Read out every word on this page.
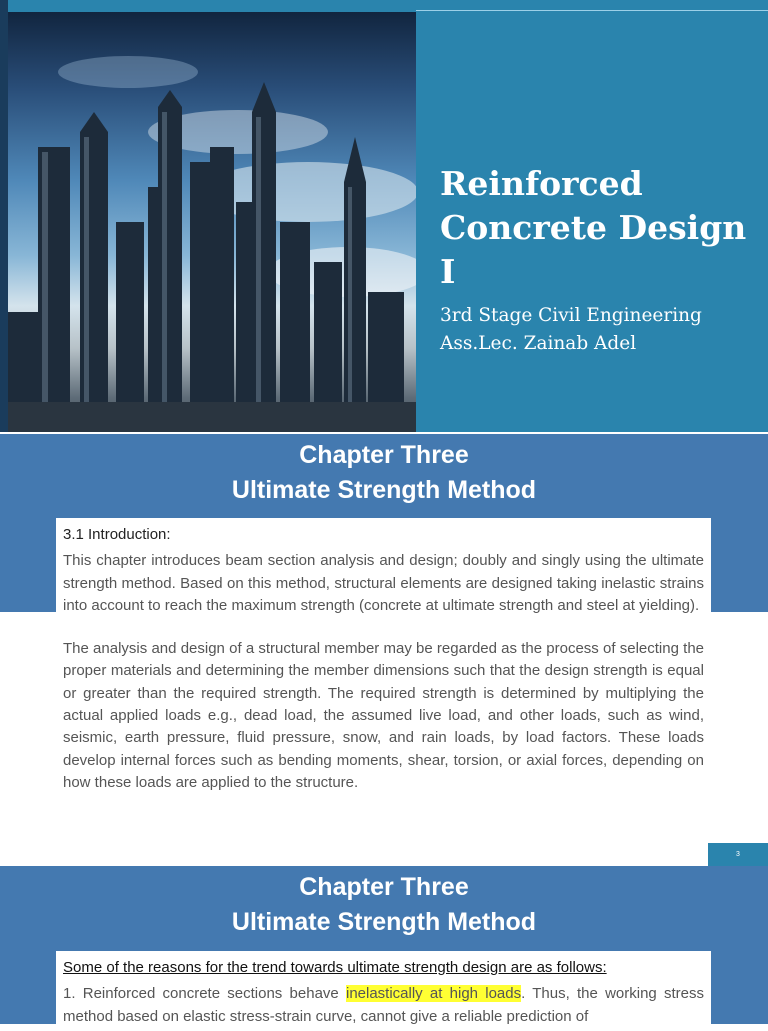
Reinforced Concrete Design I
3rd Stage Civil Engineering
Ass.Lec. Zainab Adel
Chapter Three
Ultimate Strength Method

3.1 Introduction:

This chapter introduces beam section analysis and design; doubly and singly using the ultimate strength method. Based on this method, structural elements are designed taking inelastic strains into account to reach the maximum strength (concrete at ultimate strength and steel at yielding).

The analysis and design of a structural member may be regarded as the process of selecting the proper materials and determining the member dimensions such that the design strength is equal or greater than the required strength. The required strength is determined by multiplying the actual applied loads e.g., dead load, the assumed live load, and other loads, such as wind, seismic, earth pressure, fluid pressure, snow, and rain loads, by load factors. These loads develop internal forces such as bending moments, shear, torsion, or axial forces, depending on how these loads are applied to the structure.

3
Chapter Three
Ultimate Strength Method

Some of the reasons for the trend towards ultimate strength design are as follows:

1. Reinforced concrete sections behave inelastically at high loads. Thus, the working stress method based on elastic stress-strain curve, cannot give a reliable prediction of
